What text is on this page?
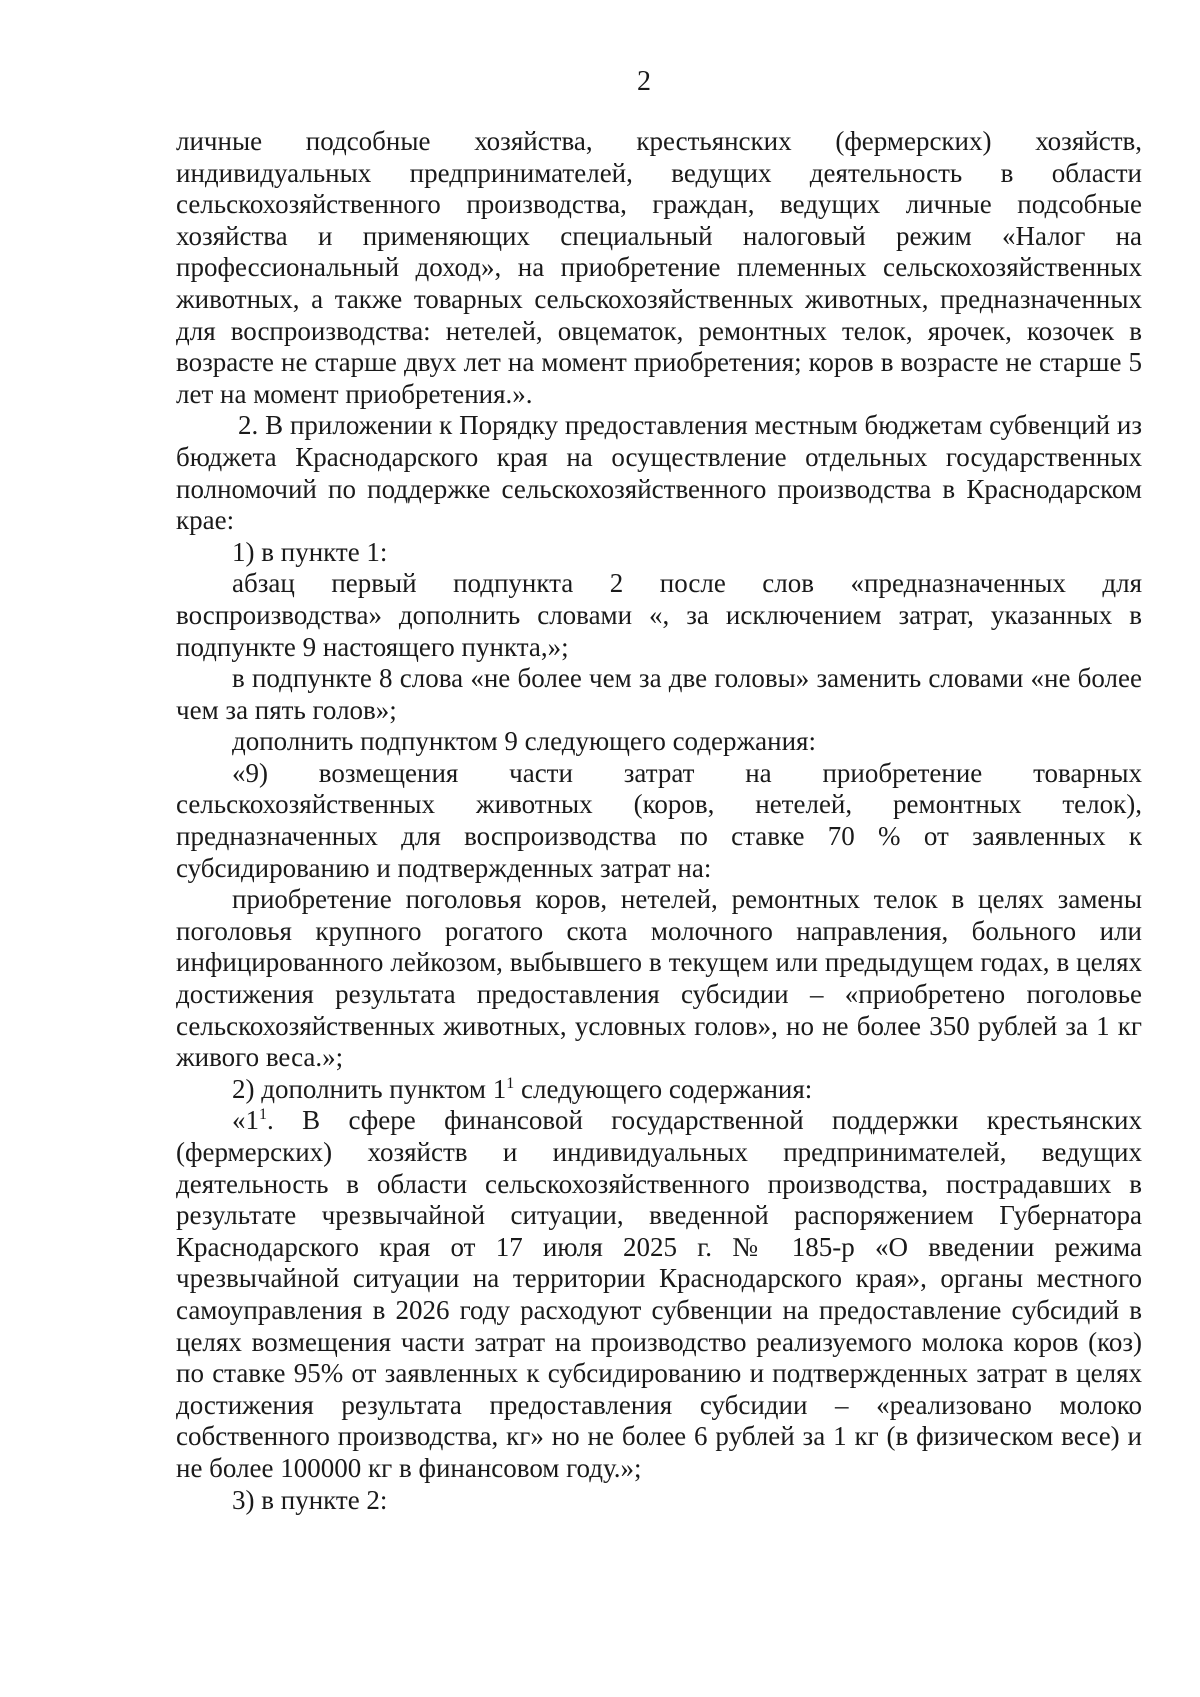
2

личные подсобные хозяйства, крестьянских (фермерских) хозяйств, индивидуальных предпринимателей, ведущих деятельность в области сельскохозяйственного производства, граждан, ведущих личные подсобные хозяйства и применяющих специальный налоговый режим «Налог на профессиональный доход», на приобретение племенных сельскохозяйственных животных, а также товарных сельскохозяйственных животных, предназначенных для воспроизводства: нетелей, овцематок, ремонтных телок, ярочек, козочек в возрасте не старше двух лет на момент приобретения; коров в возрасте не старше 5 лет на момент приобретения.».

2. В приложении к Порядку предоставления местным бюджетам субвенций из бюджета Краснодарского края на осуществление отдельных государственных полномочий по поддержке сельскохозяйственного производства в Краснодарском крае:

1) в пункте 1:

абзац первый подпункта 2 после слов «предназначенных для воспроизводства» дополнить словами «, за исключением затрат, указанных в подпункте 9 настоящего пункта,»;

в подпункте 8 слова «не более чем за две головы» заменить словами «не более чем за пять голов»;

дополнить подпунктом 9 следующего содержания:

«9) возмещения части затрат на приобретение товарных сельскохозяйственных животных (коров, нетелей, ремонтных телок), предназначенных для воспроизводства по ставке 70 % от заявленных к субсидированию и подтвержденных затрат на:

приобретение поголовья коров, нетелей, ремонтных телок в целях замены поголовья крупного рогатого скота молочного направления, больного или инфицированного лейкозом, выбывшего в текущем или предыдущем годах, в целях достижения результата предоставления субсидии – «приобретено поголовье сельскохозяйственных животных, условных голов», но не более 350 рублей за 1 кг живого веса.»;

2) дополнить пунктом $1^1$ следующего содержания:

«$1^1$. В сфере финансовой государственной поддержки крестьянских (фермерских) хозяйств и индивидуальных предпринимателей, ведущих деятельность в области сельскохозяйственного производства, пострадавших в результате чрезвычайной ситуации, введенной распоряжением Губернатора Краснодарского края от 17 июля 2025 г. № 185-р «О введении режима чрезвычайной ситуации на территории Краснодарского края», органы местного самоуправления в 2026 году расходуют субвенции на предоставление субсидий в целях возмещения части затрат на производство реализуемого молока коров (коз) по ставке 95% от заявленных к субсидированию и подтвержденных затрат в целях достижения результата предоставления субсидии – «реализовано молоко собственного производства, кг» но не более 6 рублей за 1 кг (в физическом весе) и не более 100000 кг в финансовом году.»;

3) в пункте 2:
